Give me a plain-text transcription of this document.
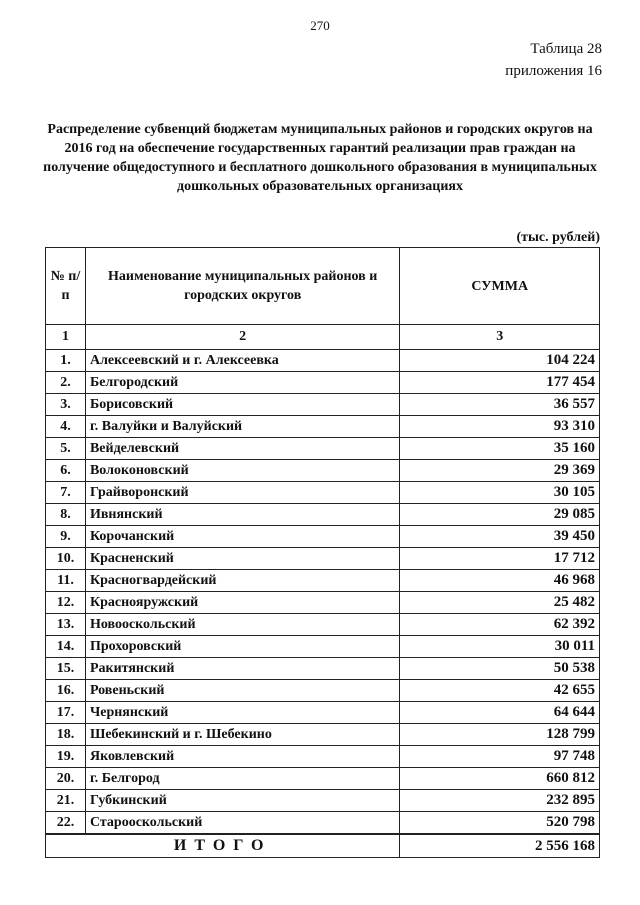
270
Таблица 28
приложения 16
Распределение субвенций бюджетам муниципальных районов и городских округов на 2016 год на обеспечение государственных гарантий реализации прав граждан на получение общедоступного и бесплатного дошкольного образования в муниципальных дошкольных образовательных организациях
(тыс. рублей)
№ п/п	Наименование муниципальных районов и городских округов	СУММА
1	2	3
1.	Алексеевский и г. Алексеевка	104 224
2.	Белгородский	177 454
3.	Борисовский	36 557
4.	г. Валуйки и Валуйский	93 310
5.	Вейделевский	35 160
6.	Волоконовский	29 369
7.	Грайворонский	30 105
8.	Ивнянский	29 085
9.	Корочанский	39 450
10.	Красненский	17 712
11.	Красногвардейский	46 968
12.	Краснояружский	25 482
13.	Новооскольский	62 392
14.	Прохоровский	30 011
15.	Ракитянский	50 538
16.	Ровеньский	42 655
17.	Чернянский	64 644
18.	Шебекинский и г. Шебекино	128 799
19.	Яковлевский	97 748
20.	г. Белгород	660 812
21.	Губкинский	232 895
22.	Старооскольский	520 798
ИТОГО		2 556 168
